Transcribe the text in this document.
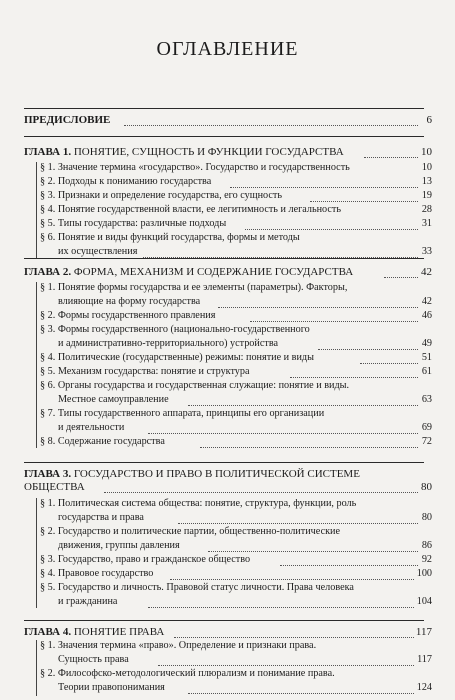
ОГЛАВЛЕНИЕ
ПРЕДИСЛОВИЕ	6
ГЛАВА 1. ПОНЯТИЕ, СУЩНОСТЬ И ФУНКЦИИ ГОСУДАРСТВА	10
§ 1. Значение термина «государство». Государство и государственность	10
§ 2. Подходы к пониманию государства	13
§ 3. Признаки и определение государства, его сущность	19
§ 4. Понятие государственной власти, ее легитимность и легальность	28
§ 5. Типы государства: различные подходы	31
§ 6. Понятие и виды функций государства, формы и методы
их осуществления	33
ГЛАВА 2. ФОРМА, МЕХАНИЗМ И СОДЕРЖАНИЕ ГОСУДАРСТВА	42
§ 1. Понятие формы государства и ее элементы (параметры). Факторы,
влияющие на форму государства	42
§ 2. Формы государственного правления	46
§ 3. Формы государственного (национально-государственного
и административно-территориального) устройства	49
§ 4. Политические (государственные) режимы: понятие и виды	51
§ 5. Механизм государства: понятие и структура	61
§ 6. Органы государства и государственная служащие: понятие и виды.
Местное самоуправление	63
§ 7. Типы государственного аппарата, принципы его организации
и деятельности	69
§ 8. Содержание государства	72
ГЛАВА 3. ГОСУДАРСТВО И ПРАВО В ПОЛИТИЧЕСКОЙ СИСТЕМЕ
ОБЩЕСТВА	80
§ 1. Политическая система общества: понятие, структура, функции, роль
государства и права	80
§ 2. Государство и политические партии, общественно-политические
движения, группы давления	86
§ 3. Государство, право и гражданское общество	92
§ 4. Правовое государство	100
§ 5. Государство и личность. Правовой статус личности. Права человека
и гражданина	104
ГЛАВА 4. ПОНЯТИЕ ПРАВА	117
§ 1. Значения термина «право». Определение и признаки права.
Сущность права	117
§ 2. Философско-методологический плюрализм и понимание права.
Теории правопонимания	124
